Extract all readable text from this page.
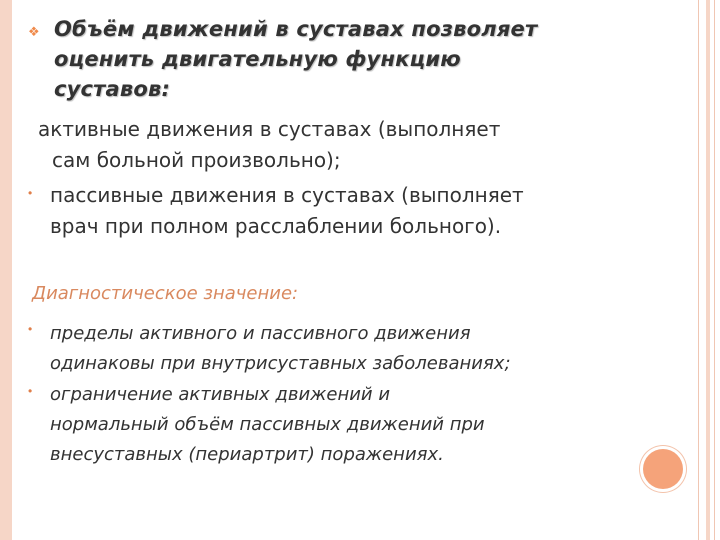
❖ Объём движений в суставах позволяет
оценить двигательную функцию
суставов:
активные движения в суставах (выполняет
сам больной произвольно);
• пассивные движения в суставах (выполняет
врач при полном расслаблении больного).
Диагностическое значение:
• пределы активного и пассивного движения
одинаковы при внутрисуставных заболеваниях;
• ограничение активных движений и
нормальный объём пассивных движений при
внесуставных (периартрит) поражениях.
